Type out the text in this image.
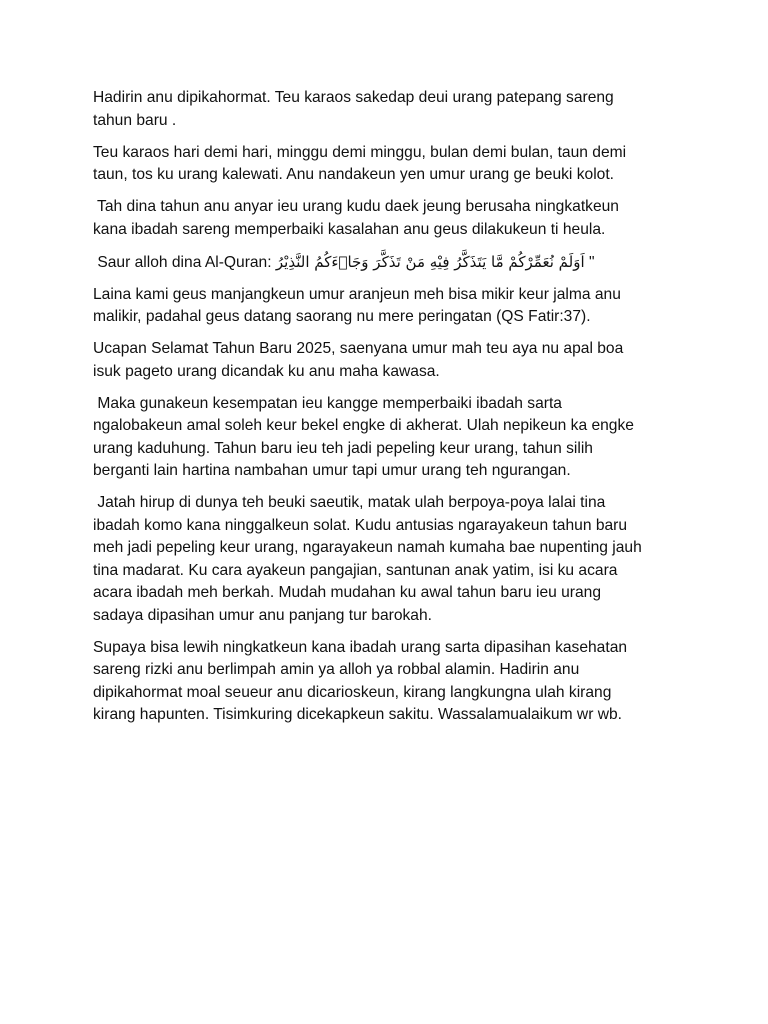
Hadirin anu dipikahormat. Teu karaos sakedap deui urang patepang sareng
tahun baru .

Teu karaos hari demi hari, minggu demi minggu, bulan demi bulan, taun demi
taun, tos ku urang kalewati. Anu nandakeun yen umur urang ge beuki kolot.

Tah dina tahun anu anyar ieu urang kudu daek jeung berusaha ningkatkeun
kana ibadah sareng memperbaiki kasalahan anu geus dilakukeun ti heula.

Saur alloh dina Al-Quran: اَوَلَمْ نُعَمِّرْكُمْ مَّا يَتَذَكَّرُ فِيْهِ مَنْ تَذَكَّرَ وَجَاۤءَكُمُ النَّذِيْرُ "

Laina kami geus manjangkeun umur aranjeun meh bisa mikir keur jalma anu
malikir, padahal geus datang saorang nu mere peringatan (QS Fatir:37).

Ucapan Selamat Tahun Baru 2025, saenyana umur mah teu aya nu apal boa
isuk pageto urang dicandak ku anu maha kawasa.

Maka gunakeun kesempatan ieu kangge memperbaiki ibadah sarta
ngalobakeun amal soleh keur bekel engke di akherat. Ulah nepikeun ka engke
urang kaduhung. Tahun baru ieu teh jadi pepeling keur urang, tahun silih
berganti lain hartina nambahan umur tapi umur urang teh ngurangan.

Jatah hirup di dunya teh beuki saeutik, matak ulah berpoya-poya lalai tina
ibadah komo kana ninggalkeun solat. Kudu antusias ngarayakeun tahun baru
meh jadi pepeling keur urang, ngarayakeun namah kumaha bae nupenting jauh
tina madarat. Ku cara ayakeun pangajian, santunan anak yatim, isi ku acara
acara ibadah meh berkah. Mudah mudahan ku awal tahun baru ieu urang
sadaya dipasihan umur anu panjang tur barokah.

Supaya bisa lewih ningkatkeun kana ibadah urang sarta dipasihan kasehatan
sareng rizki anu berlimpah amin ya alloh ya robbal alamin. Hadirin anu
dipikahormat moal seueur anu dicarioskeun, kirang langkungna ulah kirang
kirang hapunten. Tisimkuring dicekapkeun sakitu. Wassalamualaikum wr wb.
